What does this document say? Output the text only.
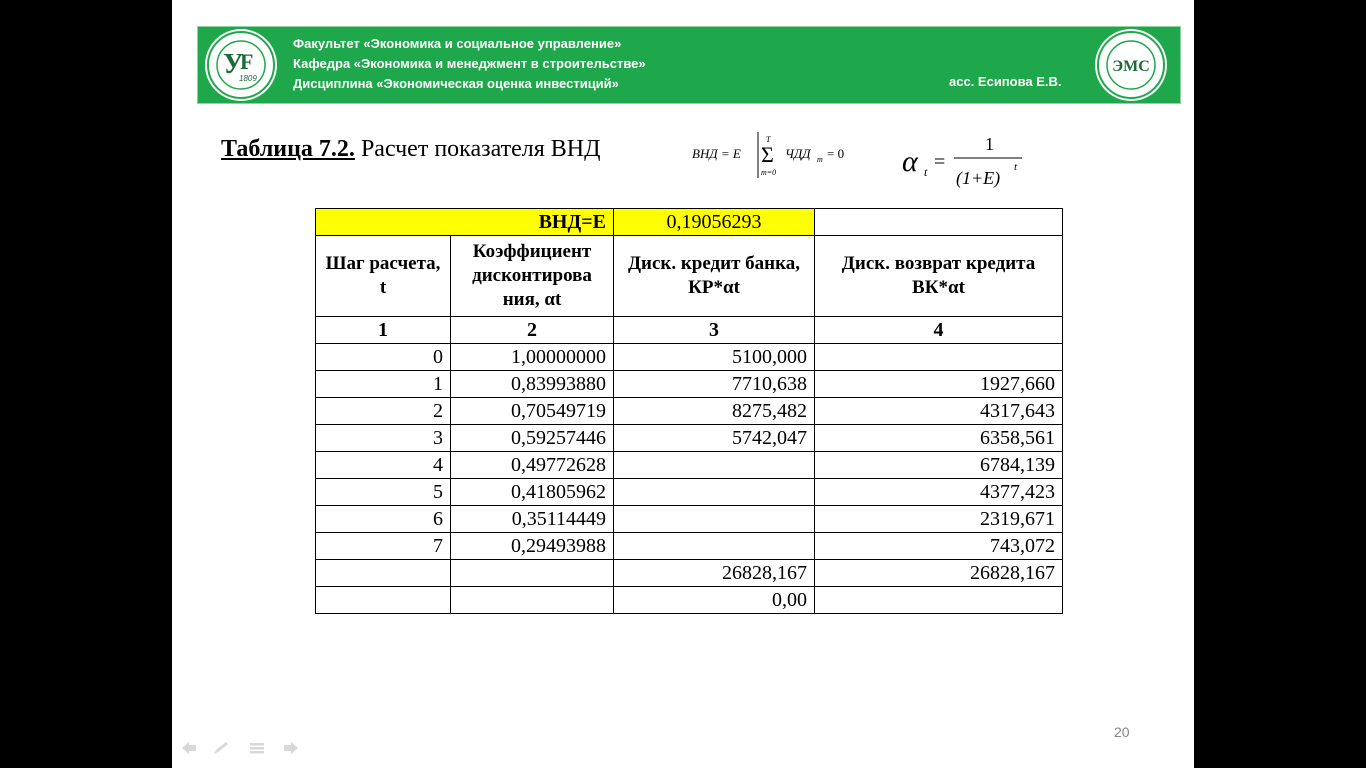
У
F
1809
Факультет «Экономика и социальное управление»
Кафедра «Экономика и менеджмент в строительстве»
Дисциплина «Экономическая оценка инвестиций»	асс. Есипова Е.В.
ЭМС
Таблица 7.2. Расчет показателя ВНД	ВНД = E
T
Σ
m=0
ЧДД m = 0 α t =
1
(1+E)
t
ВНД=Е		0,19056293	
Шаг расчета, t	Коэффициент дисконтирова ния, αt	Диск. кредит банка, КР*αt	Диск. возврат кредита ВК*αt
1	2	3	4
0	1,00000000	5100,000	
1	0,83993880	7710,638	1927,660
2	0,70549719	8275,482	4317,643
3	0,59257446	5742,047	6358,561
4	0,49772628		6784,139
5	0,41805962		4377,423
6	0,35114449		2319,671
7	0,29493988		743,072
		26828,167	26828,167
		0,00	
20
